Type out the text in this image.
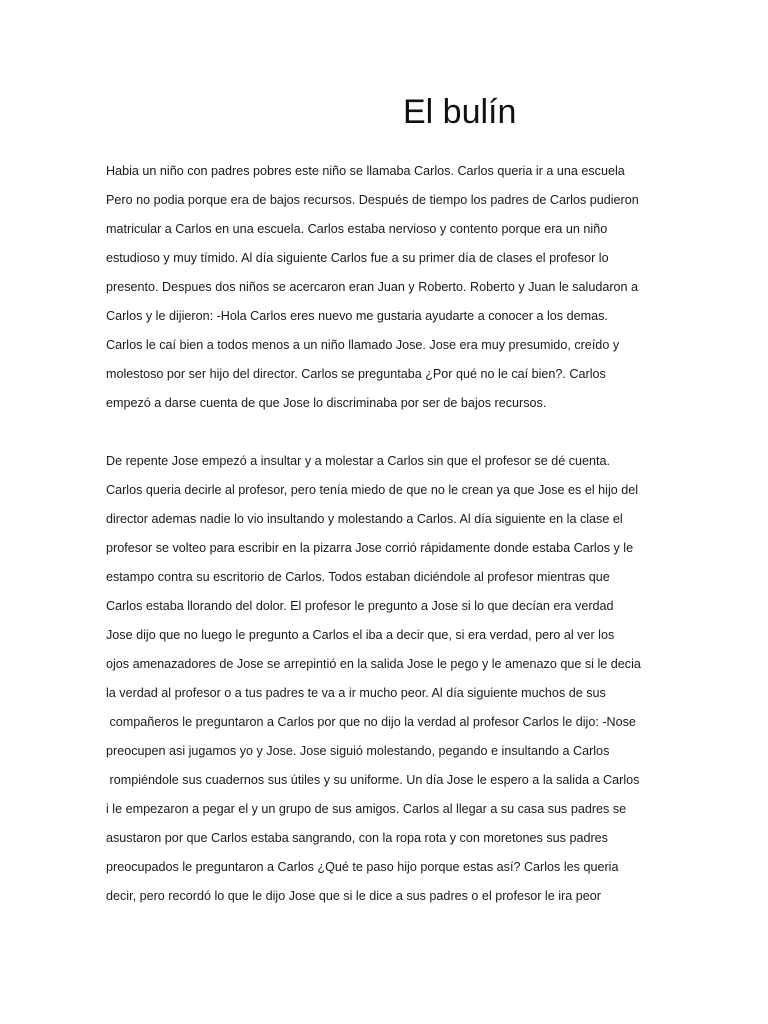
El bulín
Habia un niño con padres pobres este niño se llamaba Carlos. Carlos queria ir a una escuela
Pero no podia porque era de bajos recursos. Después de tiempo los padres de Carlos pudieron
matricular a Carlos en una escuela. Carlos estaba nervioso y contento porque era un niño
estudioso y muy tímido. Al día siguiente Carlos fue a su primer día de clases el profesor lo
presento. Despues dos niños se acercaron eran Juan y Roberto. Roberto y Juan le saludaron a
Carlos y le dijieron: -Hola Carlos eres nuevo me gustaria ayudarte a conocer a los demas.
Carlos le caí bien a todos menos a un niño llamado Jose. Jose era muy presumido, creído y
molestoso por ser hijo del director. Carlos se preguntaba ¿Por qué no le caí bien?. Carlos
empezó a darse cuenta de que Jose lo discriminaba por ser de bajos recursos.
De repente Jose empezó a insultar y a molestar a Carlos sin que el profesor se dé cuenta.
Carlos queria decirle al profesor, pero tenía miedo de que no le crean ya que Jose es el hijo del
director ademas nadie lo vio insultando y molestando a Carlos. Al día siguiente en la clase el
profesor se volteo para escribir en la pizarra Jose corrió rápidamente donde estaba Carlos y le
estampo contra su escritorio de Carlos. Todos estaban diciéndole al profesor mientras que
Carlos estaba llorando del dolor. El profesor le pregunto a Jose si lo que decían era verdad
Jose dijo que no luego le pregunto a Carlos el iba a decir que, si era verdad, pero al ver los
ojos amenazadores de Jose se arrepintió en la salida Jose le pego y le amenazo que si le decia
la verdad al profesor o a tus padres te va a ir mucho peor. Al día siguiente muchos de sus
compañeros le preguntaron a Carlos por que no dijo la verdad al profesor Carlos le dijo: -Nose
preocupen asi jugamos yo y Jose. Jose siguió molestando, pegando e insultando a Carlos
rompiéndole sus cuadernos sus útiles y su uniforme. Un día Jose le espero a la salida a Carlos
i le empezaron a pegar el y un grupo de sus amigos. Carlos al llegar a su casa sus padres se
asustaron por que Carlos estaba sangrando, con la ropa rota y con moretones sus padres
preocupados le preguntaron a Carlos ¿Qué te paso hijo porque estas así? Carlos les queria
decir, pero recordó lo que le dijo Jose que si le dice a sus padres o el profesor le ira peor
